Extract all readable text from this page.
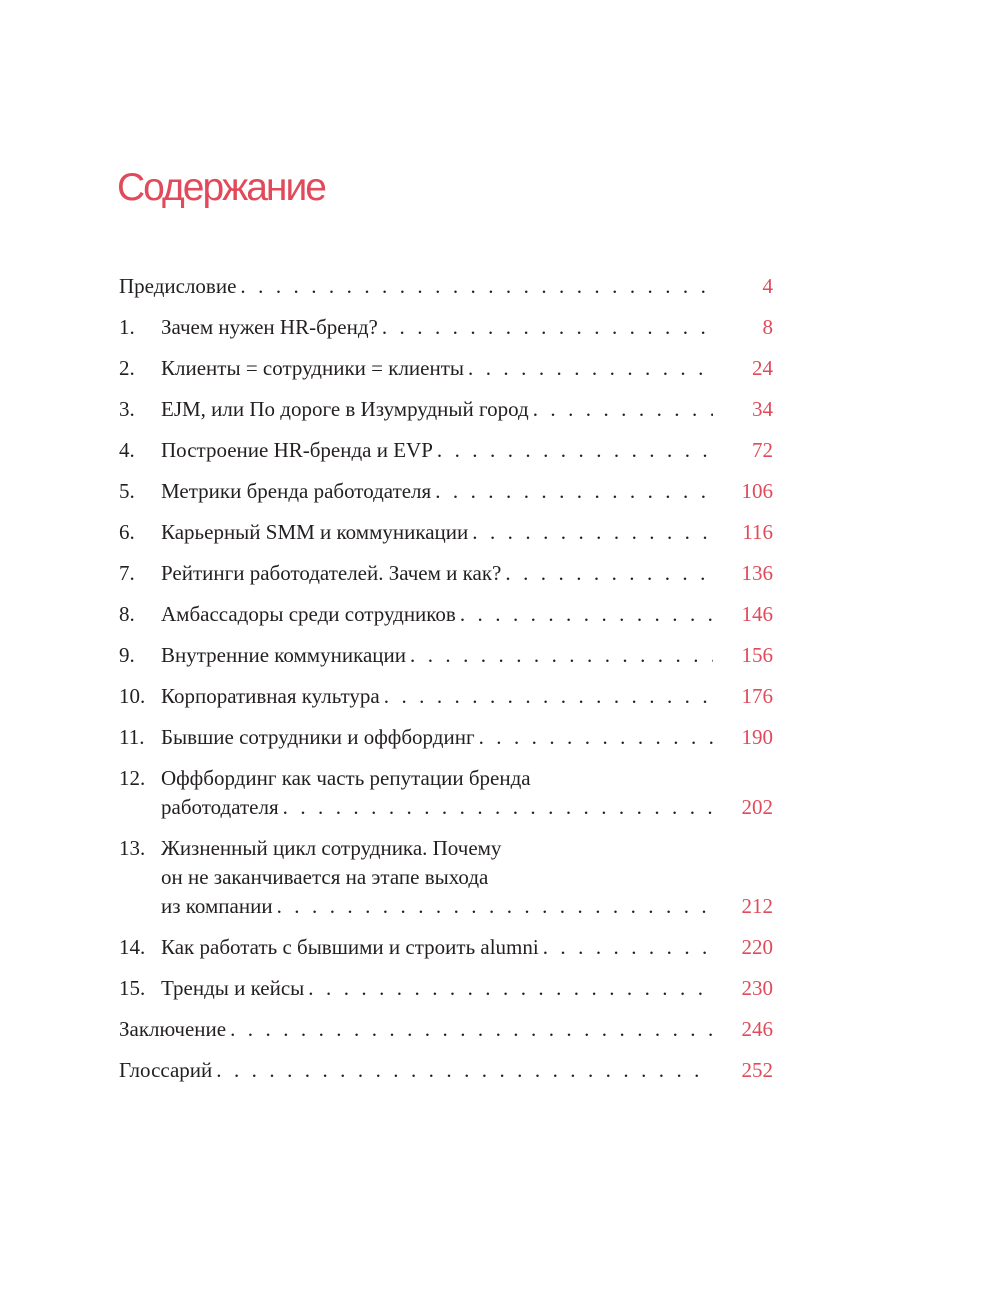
Содержание
Предисловие . . .	4
1.	Зачем нужен HR-бренд? . . .	8
2.	Клиенты = сотрудники = клиенты . . .	24
3.	EJM, или По дороге в Изумрудный город . . .	34
4.	Построение HR-бренда и EVP . . .	72
5.	Метрики бренда работодателя . . .	106
6.	Карьерный SMM и коммуникации . . .	116
7.	Рейтинги работодателей. Зачем и как? . . .	136
8.	Амбассадоры среди сотрудников . . .	146
9.	Внутренние коммуникации . . .	156
10. Корпоративная культура . . .	176
11. Бывшие сотрудники и оффбординг . . .	190
12. Оффбординг как часть репутации бренда
работодателя . . .	202
13. Жизненный цикл сотрудника. Почему
он не заканчивается на этапе выхода
из компании . . .	212
14. Как работать с бывшими и строить alumni . . .	220
15. Тренды и кейсы . . .	230
Заключение . . .	246
Глоссарий . . .	252
